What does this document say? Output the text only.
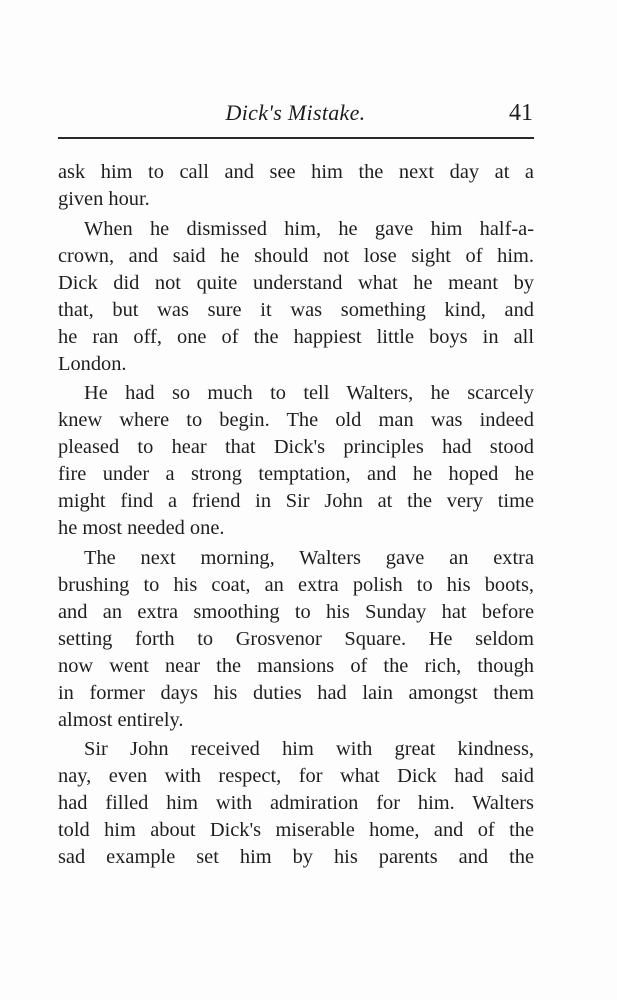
Dick's Mistake.	41
ask him to call and see him the next day at a
given hour.
When he dismissed him, he gave him half-a-
crown, and said he should not lose sight of him.
Dick did not quite understand what he meant by
that, but was sure it was something kind, and
he ran off, one of the happiest little boys in all
London.
He had so much to tell Walters, he scarcely
knew where to begin. The old man was indeed
pleased to hear that Dick's principles had stood
fire under a strong temptation, and he hoped he
might find a friend in Sir John at the very time
he most needed one.
The next morning, Walters gave an extra
brushing to his coat, an extra polish to his boots,
and an extra smoothing to his Sunday hat before
setting forth to Grosvenor Square. He seldom
now went near the mansions of the rich, though
in former days his duties had lain amongst them
almost entirely.
Sir John received him with great kindness,
nay, even with respect, for what Dick had said
had filled him with admiration for him. Walters
told him about Dick's miserable home, and of the
sad example set him by his parents and the
